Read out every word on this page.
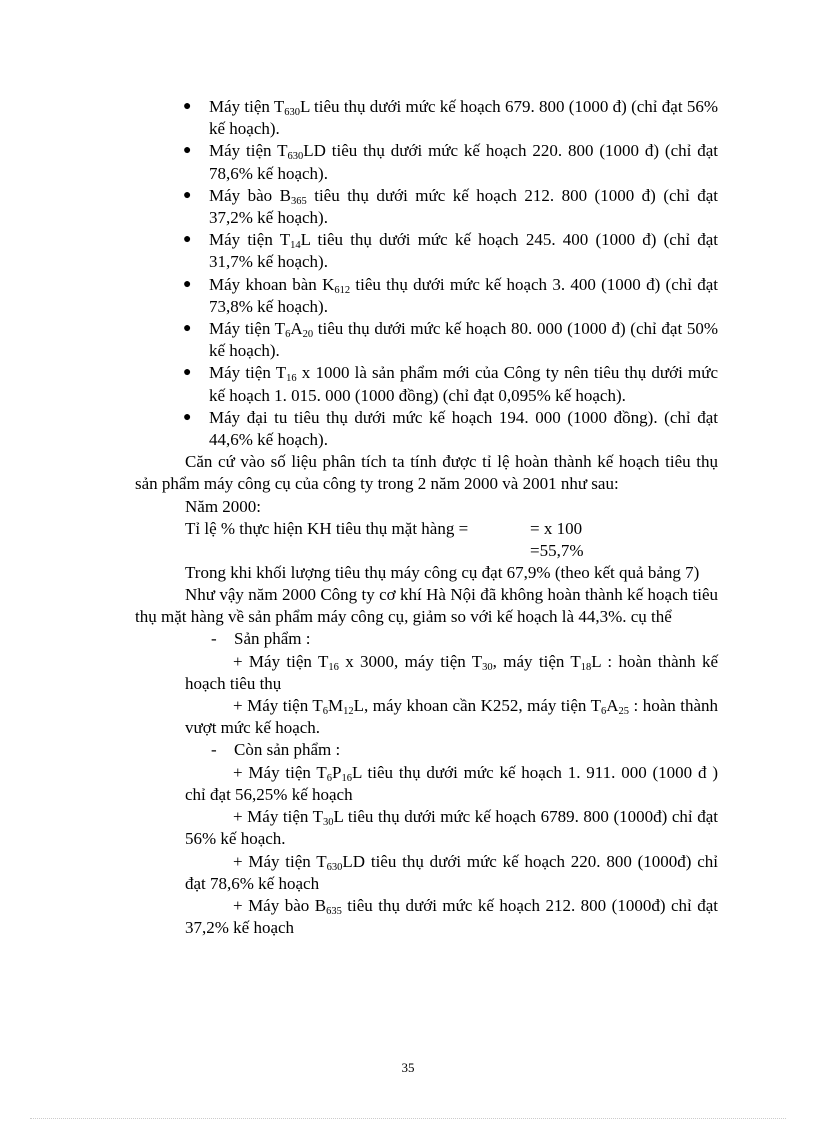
● Máy tiện $T_{630}L$ tiêu thụ dưới mức kế hoạch 679. 800 (1000 đ) (chỉ đạt 56% kế hoạch).
● Máy tiện $T_{630}LD$ tiêu thụ dưới mức kế hoạch 220. 800 (1000 đ) (chỉ đạt 78,6% kế hoạch).
● Máy bào $B_{365}$ tiêu thụ dưới mức kế hoạch 212. 800 (1000 đ) (chỉ đạt 37,2% kế hoạch).
● Máy tiện $T_{14}L$ tiêu thụ dưới mức kế hoạch 245. 400 (1000 đ) (chỉ đạt 31,7% kế hoạch).
● Máy khoan bàn $K_{612}$ tiêu thụ dưới mức kế hoạch 3. 400 (1000 đ) (chỉ đạt 73,8% kế hoạch).
● Máy tiện $T_6A_{20}$ tiêu thụ dưới mức kế hoạch 80. 000 (1000 đ) (chỉ đạt 50% kế hoạch).
● Máy tiện $T_{16}$ x 1000 là sản phẩm mới của Công ty nên tiêu thụ dưới mức kế hoạch 1. 015. 000 (1000 đồng) (chỉ đạt 0,095% kế hoạch).
● Máy đại tu tiêu thụ dưới mức kế hoạch 194. 000 (1000 đồng). (chỉ đạt 44,6% kế hoạch).

Căn cứ vào số liệu phân tích ta tính được tỉ lệ hoàn thành kế hoạch tiêu thụ sản phẩm máy công cụ của công ty trong 2 năm 2000 và 2001 như sau:

Năm 2000:

Tỉ lệ % thực hiện KH tiêu thụ mặt hàng =	= x 100
=55,7%

Trong khi khối lượng tiêu thụ máy công cụ đạt 67,9% (theo kết quả bảng 7)

Như vậy năm 2000 Công ty cơ khí Hà Nội đã không hoàn thành kế hoạch tiêu thụ mặt hàng về sản phẩm máy công cụ, giảm so với kế hoạch là 44,3%. cụ thể

- Sản phẩm :

+ Máy tiện $T_{16}$ x 3000, máy tiện $T_{30}$, máy tiện $T_{18}L$ : hoàn thành kế hoạch tiêu thụ

+ Máy tiện $T_6M_{12}L$, máy khoan cần K252, máy tiện $T_6A_{25}$ : hoàn thành vượt mức kế hoạch.

- Còn sản phẩm :

+ Máy tiện $T_6P_{16}L$ tiêu thụ dưới mức kế hoạch 1. 911. 000 (1000 đ ) chỉ đạt 56,25% kế hoạch

+ Máy tiện $T_{30}L$ tiêu thụ dưới mức kế hoạch 6789. 800 (1000đ) chỉ đạt 56% kế hoạch.

+ Máy tiện $T_{630}LD$ tiêu thụ dưới mức kế hoạch 220. 800 (1000đ) chỉ đạt 78,6% kế hoạch

+ Máy bào $B_{635}$ tiêu thụ dưới mức kế hoạch 212. 800 (1000đ) chỉ đạt 37,2% kế hoạch

35
